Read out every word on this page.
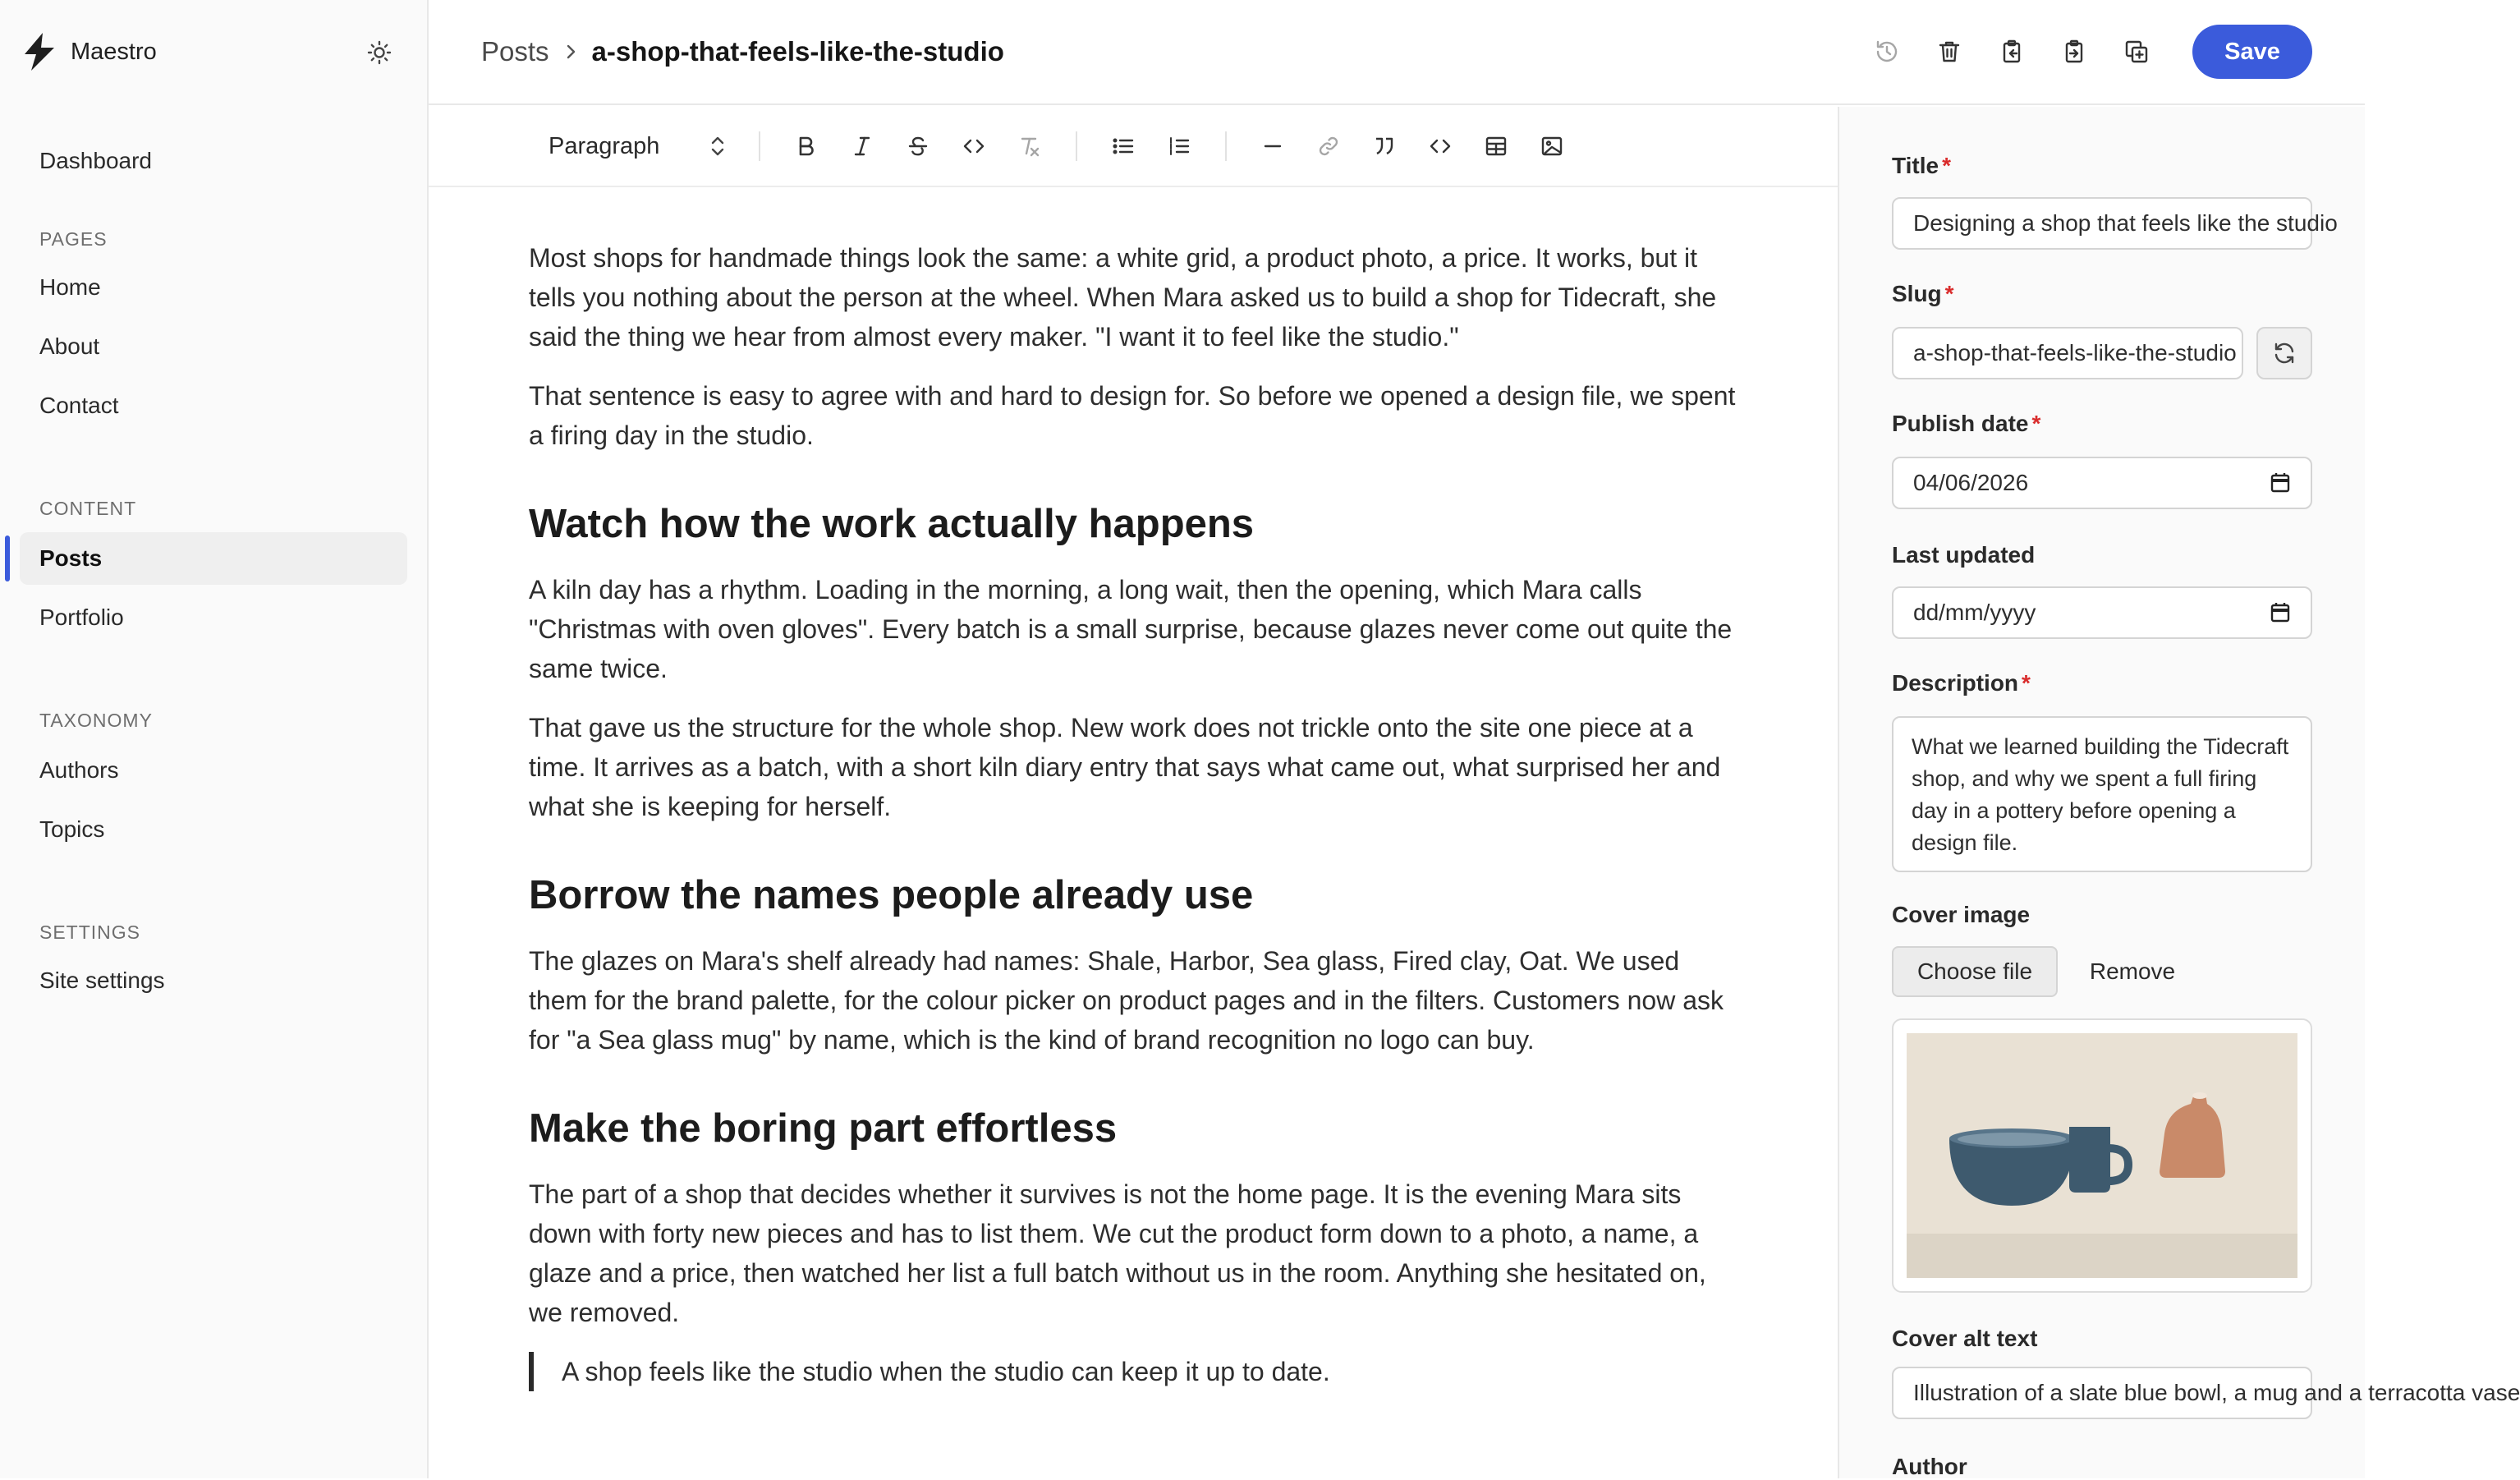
Maestro
Dashboard
PAGES
Home
About
Contact
CONTENT
Posts
Portfolio
TAXONOMY
Authors
Topics
SETTINGS
Site settings
Posts a-shop-that-feels-like-the-studio	Save
Paragraph

Most shops for handmade things look the same: a white grid, a product photo, a price. It works, but it tells you nothing about the person at the wheel. When Mara asked us to build a shop for Tidecraft, she said the thing we hear from almost every maker. "I want it to feel like the studio."

That sentence is easy to agree with and hard to design for. So before we opened a design file, we spent a firing day in the studio.

Watch how the work actually happens

A kiln day has a rhythm. Loading in the morning, a long wait, then the opening, which Mara calls "Christmas with oven gloves". Every batch is a small surprise, because glazes never come out quite the same twice.

That gave us the structure for the whole shop. New work does not trickle onto the site one piece at a time. It arrives as a batch, with a short kiln diary entry that says what came out, what surprised her and what she is keeping for herself.

Borrow the names people already use

The glazes on Mara's shelf already had names: Shale, Harbor, Sea glass, Fired clay, Oat. We used them for the brand palette, for the colour picker on product pages and in the filters. Customers now ask for "a Sea glass mug" by name, which is the kind of brand recognition no logo can buy.

Make the boring part effortless

The part of a shop that decides whether it survives is not the home page. It is the evening Mara sits down with forty new pieces and has to list them. We cut the product form down to a photo, a name, a glaze and a price, then watched her list a full batch without us in the room. Anything she hesitated on, we removed.

A shop feels like the studio when the studio can keep it up to date.
Title *
Designing a shop that feels like the studio
Slug *
a-shop-that-feels-like-the-studio
Publish date *
04/06/2026
Last updated
dd/mm/yyyy
Description *
What we learned building the Tidecraft shop, and why we spent a full firing day in a pottery before opening a design file.
Cover image
Choose file	Remove
Cover alt text
Illustration of a slate blue bowl, a mug and a terracotta vase
Author
